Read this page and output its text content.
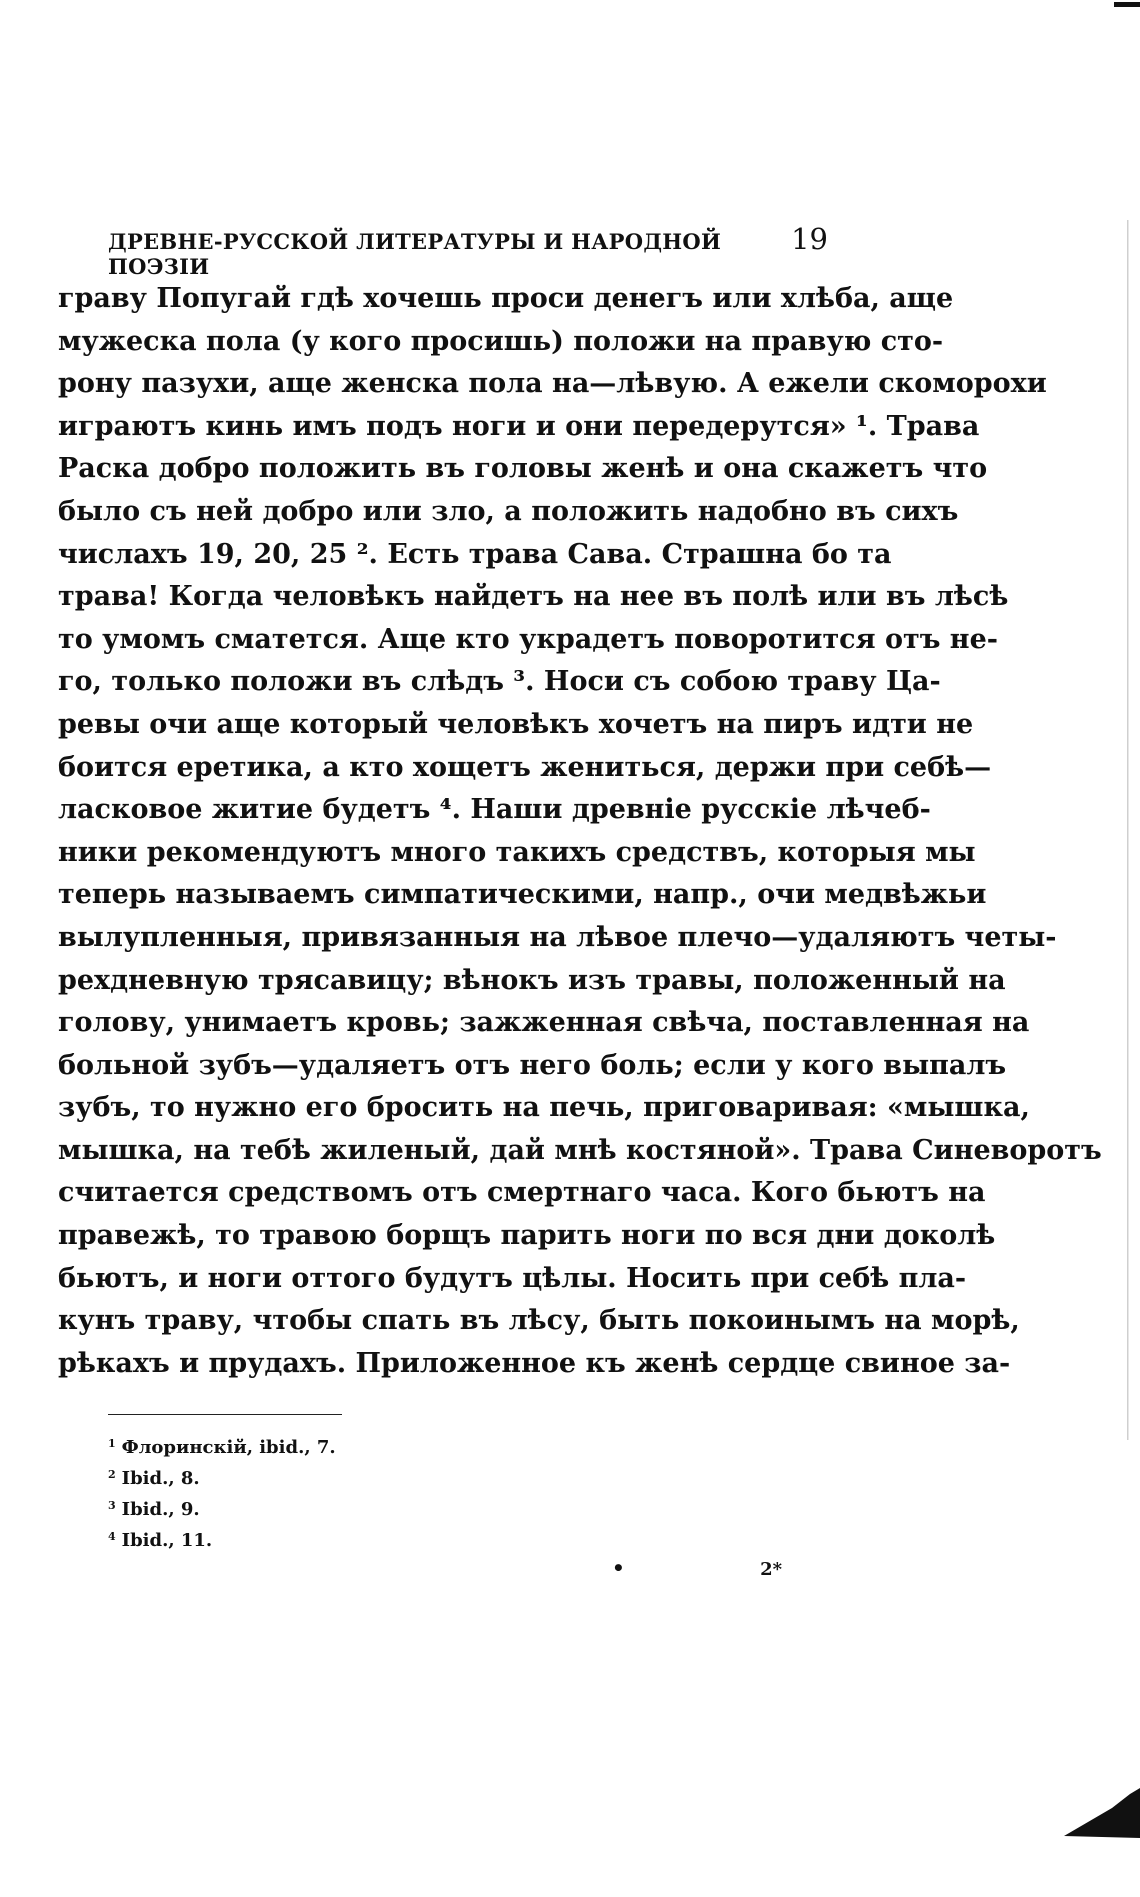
ДРЕВНЕ-РУССКОЙ ЛИТЕРАТУРЫ И НАРОДНОЙ ПОЭЗІИ
19
граву Попугай гдѣ хочешь проси денегъ или хлѣба, аще
мужеска пола (у кого просишь) положи на правую сто-
рону пазухи, аще женска пола на—лѣвую. А ежели скоморохи
играютъ кинь имъ подъ ноги и они передерутся» ¹. Трава
Раска добро положить въ головы женѣ и она скажетъ что
было съ ней добро или зло, а положить надобно въ сихъ
числахъ 19, 20, 25 ². Есть трава Сава. Страшна бо та
трава! Когда человѣкъ найдетъ на нее въ полѣ или въ лѣсѣ
то умомъ сматется. Аще кто украдетъ поворотится отъ не-
го, только положи въ слѣдъ ³. Носи съ собою траву Ца-
ревы очи аще который человѣкъ хочетъ на пиръ идти не
боится еретика, а кто хощетъ жениться, держи при себѣ—
ласковое житие будетъ ⁴. Наши древніе русскіе лѣчеб-
ники рекомендуютъ много такихъ средствъ, которыя мы
теперь называемъ симпатическими, напр., очи медвѣжьи
вылупленныя, привязанныя на лѣвое плечо—удаляютъ четы-
рехдневную трясавицу; вѣнокъ изъ травы, положенный на
голову, унимаетъ кровь; зажженная свѣча, поставленная на
больной зубъ—удаляетъ отъ него боль; если у кого выпалъ
зубъ, то нужно его бросить на печь, приговаривая: «мышка,
мышка, на тебѣ жиленый, дай мнѣ костяной». Трава Синеворотъ
считается средствомъ отъ смертнаго часа. Кого бьютъ на
правежѣ, то травою борщъ парить ноги по вся дни доколѣ
бьютъ, и ноги оттого будутъ цѣлы. Носить при себѣ пла-
кунъ траву, чтобы спать въ лѣсу, быть покоинымъ на морѣ,
рѣкахъ и прудахъ. Приложенное къ женѣ сердце свиное за-
$^1$ Флоринскій, ibid., 7.
$^2$ Ibid., 8.
$^3$ Ibid., 9.
$^4$ Ibid., 11.
•	2*
